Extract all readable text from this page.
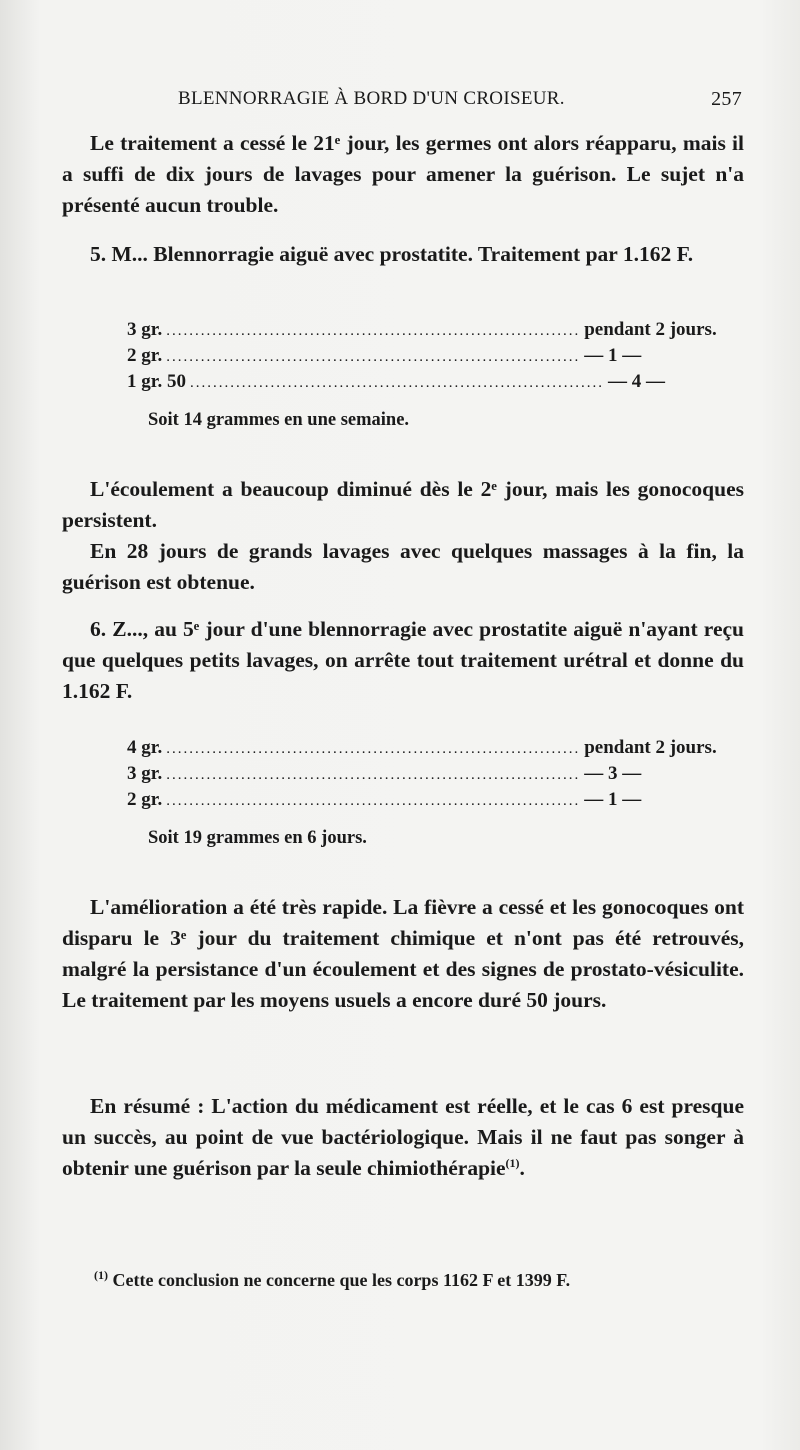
BLENNORRAGIE À BORD D'UN CROISEUR.	257

Le traitement a cessé le 21ᵉ jour, les germes ont alors réapparu, mais il a suffi de dix jours de lavages pour amener la guérison. Le sujet n'a présenté aucun trouble.

5. M... Blennorragie aiguë avec prostatite. Traitement par 1.162 F.

3 gr. ........................................................................ pendant 2 jours.
2 gr. ........................................................................ — 1 —
1 gr. 50 ........................................................................ — 4 —
Soit 14 grammes en une semaine.

L'écoulement a beaucoup diminué dès le 2ᵉ jour, mais les gonocoques persistent.

En 28 jours de grands lavages avec quelques massages à la fin, la guérison est obtenue.

6. Z..., au 5ᵉ jour d'une blennorragie avec prostatite aiguë n'ayant reçu que quelques petits lavages, on arrête tout traitement urétral et donne du 1.162 F.

4 gr. ........................................................................ pendant 2 jours.
3 gr. ........................................................................ — 3 —
2 gr. ........................................................................ — 1 —
Soit 19 grammes en 6 jours.

L'amélioration a été très rapide. La fièvre a cessé et les gonocoques ont disparu le 3ᵉ jour du traitement chimique et n'ont pas été retrouvés, malgré la persistance d'un écoulement et des signes de prostato-vésiculite. Le traitement par les moyens usuels a encore duré 50 jours.

En résumé : L'action du médicament est réelle, et le cas 6 est presque un succès, au point de vue bactériologique. Mais il ne faut pas songer à obtenir une guérison par la seule chimiothérapie$^{(1)}$.

$^{(1)}$ Cette conclusion ne concerne que les corps 1162 F et 1399 F.
